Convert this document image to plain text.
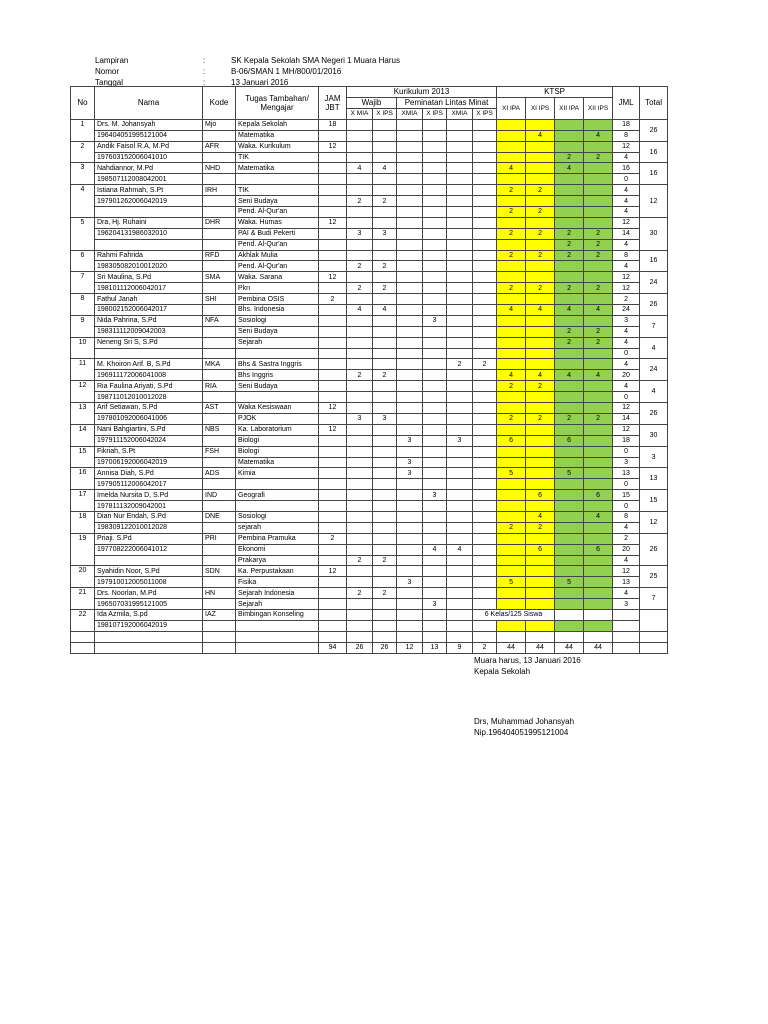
Lampiran	:	SK Kepala Sekolah SMA Negeri 1 Muara Harus
Nomor	:	B-06/SMAN 1 MH/800/01/2016
Tanggal	:	13 Januari 2016
No	Nama	Kode	Tugas Tambahan/ Mengajar	JAM JBT	Kurikulum 2013						KTSP				JML	Total
					Wajib		Peminatan Lintas Minat				XI IPA	XI IPS	XII IPA	XII IPS		
					X MIA	X IPS	XMIA	X IPS	XMIA	X IPS						
1	Drs. M. Johansyah	Mjo	Kepala Sekolah	18											18	26
	196404051995121004		Matematika									4		4	8	
2	Andik Faisol R.A, M.Pd	AFR	Waka. Kurikulum	12											12	16
	197603152006041010		TIK										2	2	4	
3	Nahdiannor, M.Pd	NHD	Matematika		4	4					4		4		16	16
	198507112008042001														0	
4	Istiana Rahmah, S.Pt	IRH	TIK								2	2			4	12
	197901262006042019		Seni Budaya		2	2									4	
			Pend. Al-Qur'an								2	2			4	
5	Dra, Hj. Ruhaini	DHR	Waka. Humas	12											12	30
	196204131986032010		PAI & Budi Pekerti		3	3					2	2	2	2	14	
			Pend. Al-Qur'an										2	2	4	
6	Rahmi Fahrida	RFD	Akhlak Mulia								2	2	2	2	8	16
	198305082010012020		Pend. Al-Qur'an		2	2									4	
7	Sri Maulina, S.Pd	SMA	Waka. Sarana	12											12	24
	198101112006042017		Pkn		2	2					2	2	2	2	12	
8	Fathul Janah	SHI	Pembina OSIS	2											2	26
	198002152006042017		Bhs. Indonesia		4	4					4	4	4	4	24	
9	Nida Pahrina, S.Pd	NFA	Sosiologi					3							3	7
	198311112009042003		Seni Budaya										2	2	4	
10	Neneng Sri S, S.Pd		Sejarah										2	2	4	4
															0	
11	M. Khoiron Arif. B, S.Pd	MKA	Bhs & Sastra Inggris						2	2					4	24
	196911172006041008		Bhs Inggris		2	2					4	4	4	4	20	
12	Ria Faulina Ariyati, S.Pd	RIA	Seni Budaya								2	2			4	4
	198711012010012028														0	
13	Arif Setiawan, S.Pd	AST	Waka Kesiswaan	12											12	26
	197801092006041006		PJOK		3	3					2	2	2	2	14	
14	Nani Bahgiartini, S.Pd	NBS	Ka. Laboratorium	12											12	30
	197911152006042024		Biologi				3		3		6		6		18	
15	Fikriah, S.Pt	FSH	Biologi												0	3
	197006192006042019		Matematika				3								3	
16	Annisa Diah, S.Pd	ADS	Kimia				3				5		5		13	13
	197905112006042017														0	
17	Imelda Nursita D, S.Pd	IND	Geografi					3				6		6	15	15
	197811132009042001														0	
18	Dian Nur Endah, S.Pd	DNE	Sosiologi									4		4	8	12
	198309122010012028		sejarah								2	2			4	
19	Priaji. S.Pd	PRI	Pembina Pramuka	2											2	26
	197708222006041012		Ekonomi					4	4			6		6	20	
			Prakarya		2	2									4	
20	Syahidin Noor, S.Pd	SDN	Ka. Perpustakaan	12											12	25
	197910012005011008		Fisika				3				5		5		13	
21	Drs. Noorlan, M.Pd	HN	Sejarah Indonesia		2	2									4	7
	196507031995121005		Sejarah					3							3	
22	Ida Azmila, S.pd	IAZ	Bimbingan Konseling							6 Kelas/125 Siswa						
	198107192006042019															

				94	26	26	12	13	9	2	44	44	44	44		
Muara harus, 13 Januari 2016
Kepala Sekolah
Drs, Muhammad Johansyah
Nip.196404051995121004
